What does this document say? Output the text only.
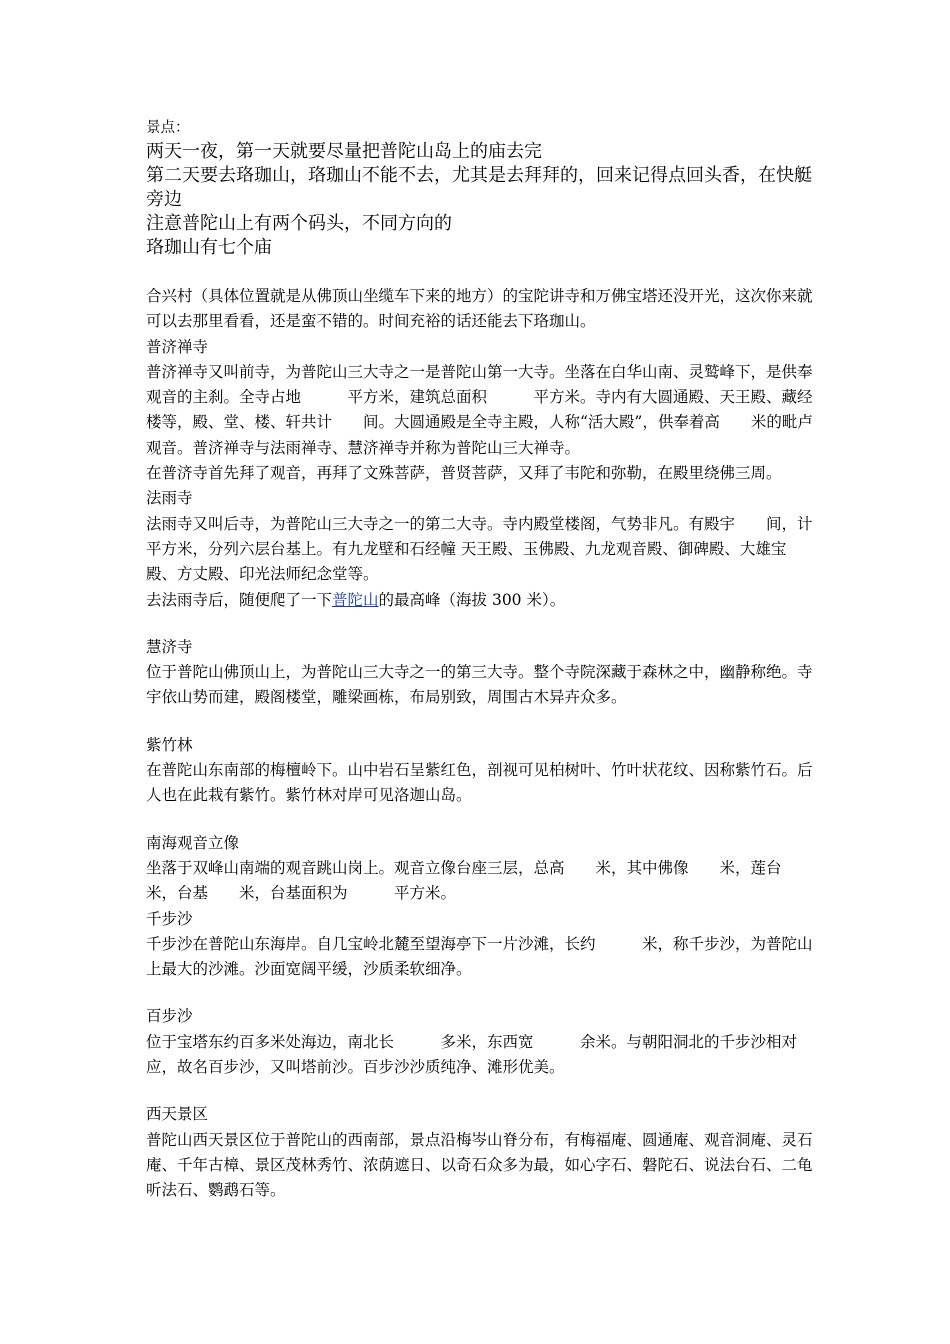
景点：
两天一夜，第一天就要尽量把普陀山岛上的庙去完
第二天要去珞珈山，珞珈山不能不去，尤其是去拜拜的，回来记得点回头香，在快艇旁边
注意普陀山上有两个码头，不同方向的
珞珈山有七个庙

合兴村（具体位置就是从佛顶山坐缆车下来的地方）的宝陀讲寺和万佛宝塔还没开光，这次你来就可以去那里看看，还是蛮不错的。时间充裕的话还能去下珞珈山。

普济禅寺

普济禅寺又叫前寺，为普陀山三大寺之一是普陀山第一大寺。坐落在白华山南、灵鹫峰下，是供奉观音的主刹。全寺占地　　　平方米，建筑总面积　　　平方米。寺内有大圆通殿、天王殿、藏经楼等，殿、堂、楼、轩共计　　间。大圆通殿是全寺主殿，人称“活大殿”，供奉着高　　米的毗卢观音。普济禅寺与法雨禅寺、慧济禅寺并称为普陀山三大禅寺。

在普济寺首先拜了观音，再拜了文殊菩萨，普贤菩萨，又拜了韦陀和弥勒，在殿里绕佛三周。

法雨寺

法雨寺又叫后寺，为普陀山三大寺之一的第二大寺。寺内殿堂楼阁，气势非凡。有殿宇　　间，计　　　平方米，分列六层台基上。有九龙壁和石经幢 天王殿、玉佛殿、九龙观音殿、御碑殿、大雄宝殿、方丈殿、印光法师纪念堂等。

去法雨寺后，随便爬了一下普陀山的最高峰（海拔 300 米）。

慧济寺

位于普陀山佛顶山上，为普陀山三大寺之一的第三大寺。整个寺院深藏于森林之中，幽静称绝。寺宇依山势而建，殿阁楼堂，雕梁画栋，布局别致，周围古木异卉众多。

紫竹林

在普陀山东南部的梅檀岭下。山中岩石呈紫红色，剖视可见柏树叶、竹叶状花纹、因称紫竹石。后人也在此栽有紫竹。紫竹林对岸可见洛迦山岛。

南海观音立像

坐落于双峰山南端的观音跳山岗上。观音立像台座三层，总高　　米，其中佛像　　米，莲台　米，台基　　米，台基面积为　　　平方米。

千步沙

千步沙在普陀山东海岸。自几宝岭北麓至望海亭下一片沙滩，长约　　　米，称千步沙，为普陀山上最大的沙滩。沙面宽阔平缓，沙质柔软细净。

百步沙

位于宝塔东约百多米处海边，南北长　　　多米，东西宽　　　余米。与朝阳洞北的千步沙相对应，故名百步沙，又叫塔前沙。百步沙沙质纯净、滩形优美。

西天景区

普陀山西天景区位于普陀山的西南部，景点沿梅岑山脊分布，有梅福庵、圆通庵、观音洞庵、灵石庵、千年古樟、景区茂林秀竹、浓荫遮日、以奇石众多为最，如心字石、磐陀石、说法台石、二龟听法石、鹦鹉石等。
